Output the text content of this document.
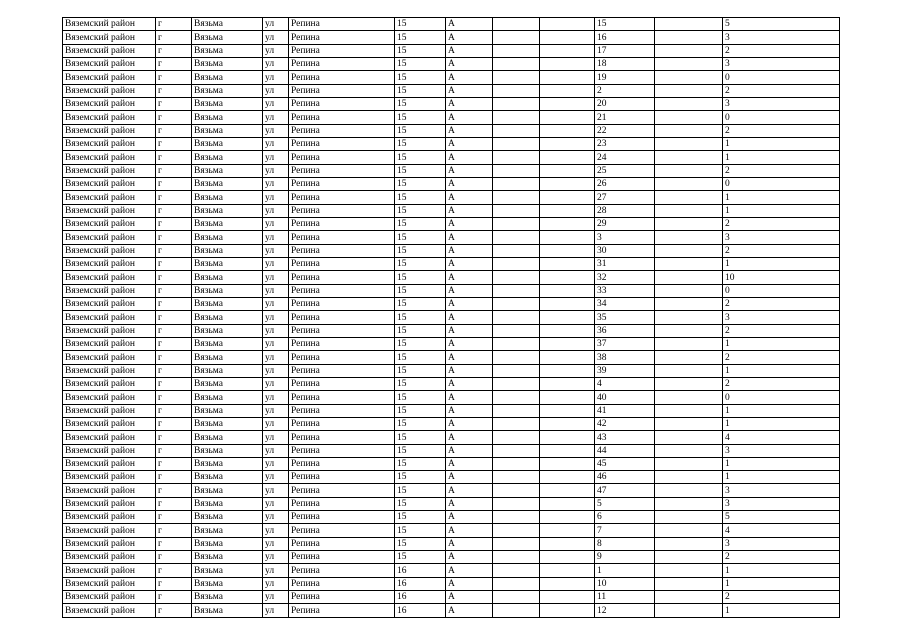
Вяземский район	г	Вязьма	ул	Репина	15	А			15		5
Вяземский район	г	Вязьма	ул	Репина	15	А			16		3
Вяземский район	г	Вязьма	ул	Репина	15	А			17		2
Вяземский район	г	Вязьма	ул	Репина	15	А			18		3
Вяземский район	г	Вязьма	ул	Репина	15	А			19		0
Вяземский район	г	Вязьма	ул	Репина	15	А			2		2
Вяземский район	г	Вязьма	ул	Репина	15	А			20		3
Вяземский район	г	Вязьма	ул	Репина	15	А			21		0
Вяземский район	г	Вязьма	ул	Репина	15	А			22		2
Вяземский район	г	Вязьма	ул	Репина	15	А			23		1
Вяземский район	г	Вязьма	ул	Репина	15	А			24		1
Вяземский район	г	Вязьма	ул	Репина	15	А			25		2
Вяземский район	г	Вязьма	ул	Репина	15	А			26		0
Вяземский район	г	Вязьма	ул	Репина	15	А			27		1
Вяземский район	г	Вязьма	ул	Репина	15	А			28		1
Вяземский район	г	Вязьма	ул	Репина	15	А			29		2
Вяземский район	г	Вязьма	ул	Репина	15	А			3		3
Вяземский район	г	Вязьма	ул	Репина	15	А			30		2
Вяземский район	г	Вязьма	ул	Репина	15	А			31		1
Вяземский район	г	Вязьма	ул	Репина	15	А			32		10
Вяземский район	г	Вязьма	ул	Репина	15	А			33		0
Вяземский район	г	Вязьма	ул	Репина	15	А			34		2
Вяземский район	г	Вязьма	ул	Репина	15	А			35		3
Вяземский район	г	Вязьма	ул	Репина	15	А			36		2
Вяземский район	г	Вязьма	ул	Репина	15	А			37		1
Вяземский район	г	Вязьма	ул	Репина	15	А			38		2
Вяземский район	г	Вязьма	ул	Репина	15	А			39		1
Вяземский район	г	Вязьма	ул	Репина	15	А			4		2
Вяземский район	г	Вязьма	ул	Репина	15	А			40		0
Вяземский район	г	Вязьма	ул	Репина	15	А			41		1
Вяземский район	г	Вязьма	ул	Репина	15	А			42		1
Вяземский район	г	Вязьма	ул	Репина	15	А			43		4
Вяземский район	г	Вязьма	ул	Репина	15	А			44		3
Вяземский район	г	Вязьма	ул	Репина	15	А			45		1
Вяземский район	г	Вязьма	ул	Репина	15	А			46		1
Вяземский район	г	Вязьма	ул	Репина	15	А			47		3
Вяземский район	г	Вязьма	ул	Репина	15	А			5		3
Вяземский район	г	Вязьма	ул	Репина	15	А			6		5
Вяземский район	г	Вязьма	ул	Репина	15	А			7		4
Вяземский район	г	Вязьма	ул	Репина	15	А			8		3
Вяземский район	г	Вязьма	ул	Репина	15	А			9		2
Вяземский район	г	Вязьма	ул	Репина	16	А			1		1
Вяземский район	г	Вязьма	ул	Репина	16	А			10		1
Вяземский район	г	Вязьма	ул	Репина	16	А			11		2
Вяземский район	г	Вязьма	ул	Репина	16	А			12		1
